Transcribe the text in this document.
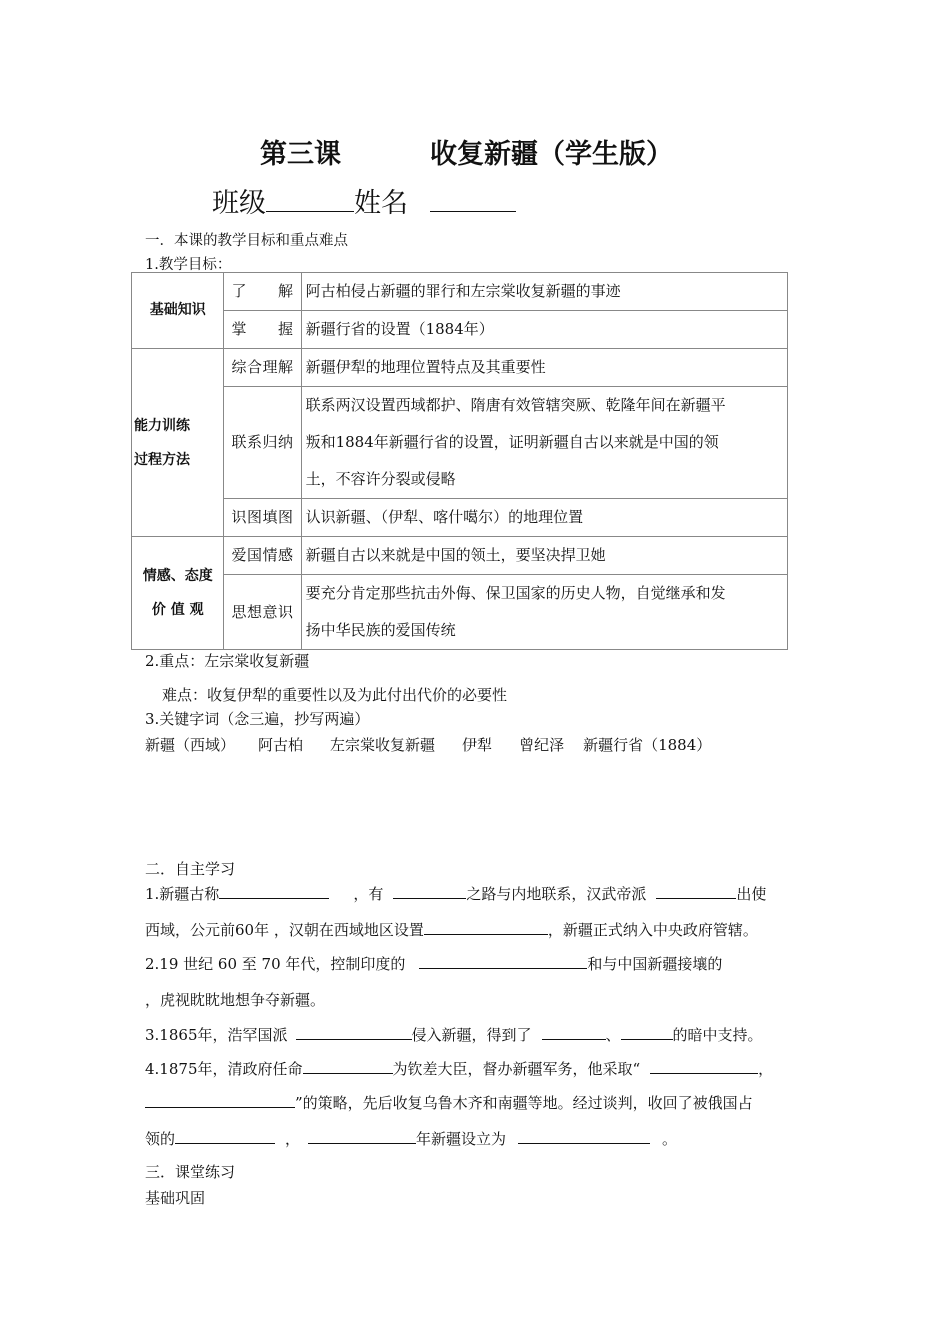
第三课	收复新疆（学生版）
班级	姓名
一．本课的教学目标和重点难点
1.教学目标：
基础知识	了　　解	阿古柏侵占新疆的罪行和左宗棠收复新疆的事迹
	掌　　握	新疆行省的设置（1884年）

能力训练
过程方法	综合理解	新疆伊犁的地理位置特点及其重要性
	联系归纳	联系两汉设置西域都护、隋唐有效管辖突厥、乾隆年间在新疆平
叛和1884年新疆行省的设置，证明新疆自古以来就是中国的领
土，不容许分裂或侵略

	识图填图	认识新疆、（伊犁、喀什噶尔）的地理位置

情感、态度
价 值 观	爱国情感	新疆自古以来就是中国的领土，要坚决捍卫她
	思想意识	要充分肯定那些抗击外侮、保卫国家的历史人物，自觉继承和发
扬中华民族的爱国传统
2.重点：左宗棠收复新疆
难点：收复伊犁的重要性以及为此付出代价的必要性
3.关键字词（念三遍，抄写两遍）
新疆（西域） 阿古柏 左宗棠收复新疆 伊犁 曾纪泽 新疆行省（1884）
二．自主学习
1.新疆古称	，有	之路与内地联系，汉武帝派	出使
西域，公元前60年 ，汉朝在西域地区设置	，新疆正式纳入中央政府管辖。
2.19 世纪 60 至 70 年代，控制印度的	和与中国新疆接壤的
，虎视眈眈地想争夺新疆。
3.1865年，浩罕国派	侵入新疆，得到了	、	的暗中支持。
4.1875年，清政府任命	为钦差大臣，督办新疆军务，他采取“	，
”的策略，先后收复乌鲁木齐和南疆等地。经过谈判，收回了被俄国占
领的	，	年新疆设立为	。
三．课堂练习
基础巩固
